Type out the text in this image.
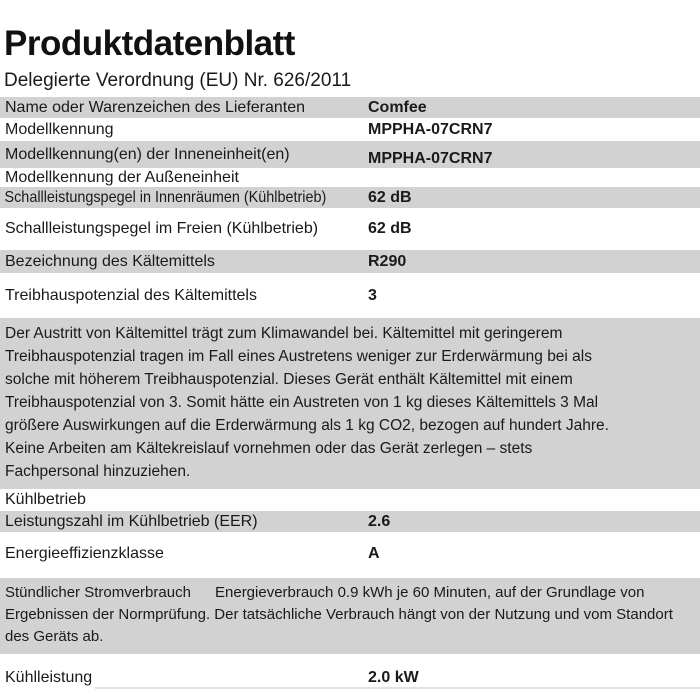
Produktdatenblatt
Delegierte Verordnung (EU) Nr. 626/2011
Name oder Warenzeichen des Lieferanten	Comfee
Modellkennung	MPPHA-07CRN7
Modellkennung(en) der Inneneinheit(en)	MPPHA-07CRN7
Modellkennung der Außeneinheit
Schallleistungspegel in Innenräumen (Kühlbetrieb)	62 dB
Schallleistungspegel im Freien (Kühlbetrieb)	62 dB
Bezeichnung des Kältemittels	R290
Treibhauspotenzial des Kältemittels	3
Der Austritt von Kältemittel trägt zum Klimawandel bei. Kältemittel mit geringerem
Treibhauspotenzial tragen im Fall eines Austretens weniger zur Erderwärmung bei als
solche mit höherem Treibhauspotenzial. Dieses Gerät enthält Kältemittel mit einem
Treibhauspotenzial von 3. Somit hätte ein Austreten von 1 kg dieses Kältemittels 3 Mal
größere Auswirkungen auf die Erderwärmung als 1 kg CO2, bezogen auf hundert Jahre.
Keine Arbeiten am Kältekreislauf vornehmen oder das Gerät zerlegen – stets
Fachpersonal hinzuziehen.
Kühlbetrieb
Leistungszahl im Kühlbetrieb (EER)	2.6
Energieeffizienzklasse	A
Stündlicher Stromverbrauch	Energieverbrauch 0.9 kWh je 60 Minuten, auf der Grundlage von
Ergebnissen der Normprüfung. Der tatsächliche Verbrauch hängt von der Nutzung und vom Standort
des Geräts ab.
Kühlleistung	2.0 kW
